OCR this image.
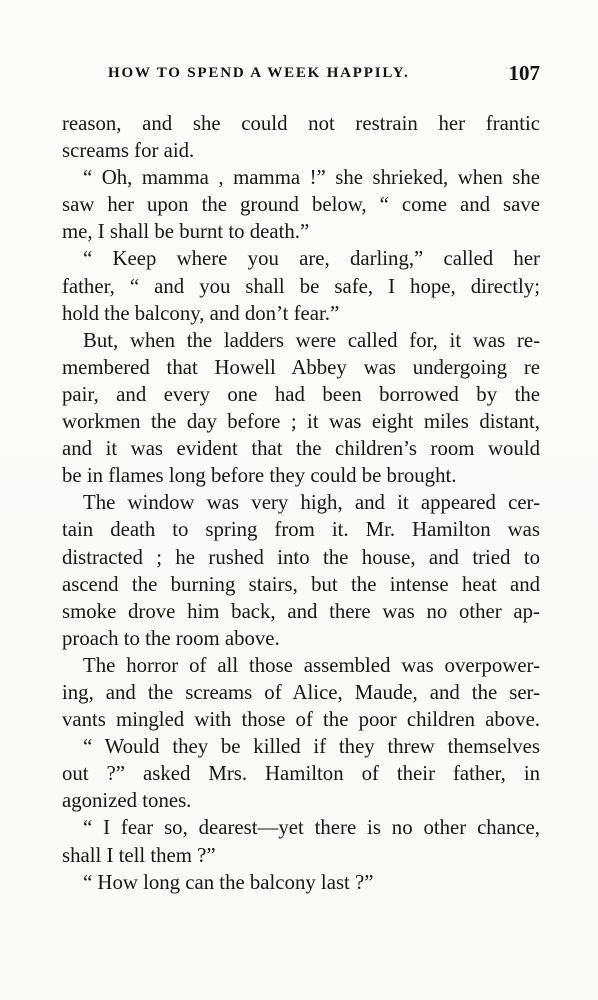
HOW TO SPEND A WEEK HAPPILY.	107
reason, and she could not restrain her frantic
screams for aid.
“ Oh, mamma , mamma !” she shrieked, when she
saw her upon the ground below, “ come and save
me, I shall be burnt to death.”
“ Keep where you are, darling,” called her
father, “ and you shall be safe, I hope, directly;
hold the balcony, and don’t fear.”
But, when the ladders were called for, it was re-
membered that Howell Abbey was undergoing re
pair, and every one had been borrowed by the
workmen the day before ; it was eight miles distant,
and it was evident that the children’s room would
be in flames long before they could be brought.
The window was very high, and it appeared cer-
tain death to spring from it. Mr. Hamilton was
distracted ; he rushed into the house, and tried to
ascend the burning stairs, but the intense heat and
smoke drove him back, and there was no other ap-
proach to the room above.
The horror of all those assembled was overpower-
ing, and the screams of Alice, Maude, and the ser-
vants mingled with those of the poor children above.
“ Would they be killed if they threw themselves
out ?” asked Mrs. Hamilton of their father, in
agonized tones.
“ I fear so, dearest—yet there is no other chance,
shall I tell them ?”
“ How long can the balcony last ?”
